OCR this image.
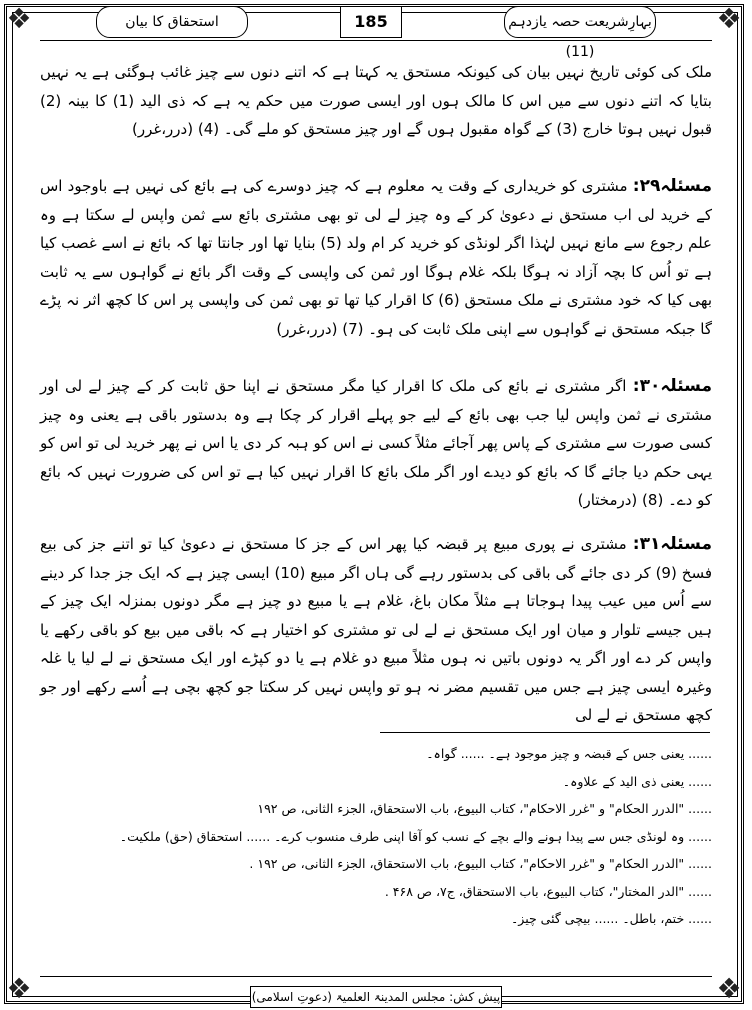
❖	❖
❖	❖
استحقاق کا بیان	185	بہارِشریعت حصہ یازدہم (11)

ملک کی کوئی تاریخ نہیں بیان کی کیونکہ مستحق یہ کہتا ہے کہ اتنے دنوں سے چیز غائب ہوگئی ہے یہ نہیں بتایا کہ اتنے دنوں سے میں اس کا مالک ہوں اور ایسی صورت میں حکم یہ ہے کہ ذی الید (1) کا بینہ (2) قبول نہیں ہوتا خارج (3) کے گواہ مقبول ہوں گے اور چیز مستحق کو ملے گی۔ (4) (درر،غرر)

مسئلہ۲۹: مشتری کو خریداری کے وقت یہ معلوم ہے کہ چیز دوسرے کی ہے بائع کی نہیں ہے باوجود اس کے خرید لی اب مستحق نے دعویٰ کر کے وہ چیز لے لی تو بھی مشتری بائع سے ثمن واپس لے سکتا ہے وہ علم رجوع سے مانع نہیں لہٰذا اگر لونڈی کو خرید کر ام ولد (5) بنایا تھا اور جانتا تھا کہ بائع نے اسے غصب کیا ہے تو اُس کا بچہ آزاد نہ ہوگا بلکہ غلام ہوگا اور ثمن کی واپسی کے وقت اگر بائع نے گواہوں سے یہ ثابت بھی کیا کہ خود مشتری نے ملک مستحق (6) کا اقرار کیا تھا تو بھی ثمن کی واپسی پر اس کا کچھ اثر نہ پڑے گا جبکہ مستحق نے گواہوں سے اپنی ملک ثابت کی ہو۔ (7) (درر،غرر)

مسئلہ۳۰: اگر مشتری نے بائع کی ملک کا اقرار کیا مگر مستحق نے اپنا حق ثابت کر کے چیز لے لی اور مشتری نے ثمن واپس لیا جب بھی بائع کے لیے جو پہلے اقرار کر چکا ہے وہ بدستور باقی ہے یعنی وہ چیز کسی صورت سے مشتری کے پاس پھر آجائے مثلاً کسی نے اس کو ہبہ کر دی یا اس نے پھر خرید لی تو اس کو یہی حکم دیا جائے گا کہ بائع کو دیدے اور اگر ملک بائع کا اقرار نہیں کیا ہے تو اس کی ضرورت نہیں کہ بائع کو دے۔ (8) (درمختار)

مسئلہ۳۱: مشتری نے پوری مبیع پر قبضہ کیا پھر اس کے جز کا مستحق نے دعویٰ کیا تو اتنے جز کی بیع فسخ (9) کر دی جائے گی باقی کی بدستور رہے گی ہاں اگر مبیع (10) ایسی چیز ہے کہ ایک جز جدا کر دینے سے اُس میں عیب پیدا ہوجاتا ہے مثلاً مکان باغ، غلام ہے یا مبیع دو چیز ہے مگر دونوں بمنزلہ ایک چیز کے ہیں جیسے تلوار و میان اور ایک مستحق نے لے لی تو مشتری کو اختیار ہے کہ باقی میں بیع کو باقی رکھے یا واپس کر دے اور اگر یہ دونوں باتیں نہ ہوں مثلاً مبیع دو غلام ہے یا دو کپڑے اور ایک مستحق نے لے لیا یا غلہ وغیرہ ایسی چیز ہے جس میں تقسیم مضر نہ ہو تو واپس نہیں کر سکتا جو کچھ بچی ہے اُسے رکھے اور جو کچھ مستحق نے لے لی

...... یعنی جس کے قبضہ و چیز موجود ہے۔ ...... گواہ۔
...... یعنی ذی الید کے علاوہ۔
...... "الدرر الحکام" و "غرر الاحکام"، کتاب البیوع، باب الاستحقاق، الجزء الثانی، ص ۱۹۲
...... وہ لونڈی جس سے پیدا ہونے والے بچے کے نسب کو آقا اپنی طرف منسوب کرے۔ ...... استحقاق (حق) ملکیت۔
...... "الدرر الحکام" و "غرر الاحکام"، کتاب البیوع، باب الاستحقاق، الجزء الثانی، ص ۱۹۲ .
...... "الدر المختار"، کتاب البیوع، باب الاستحقاق، ج۷، ص ۴۶۸ .
...... ختم، باطل۔ ...... بیچی گئی چیز۔
پیش کش: مجلس المدینۃ العلمیۃ (دعوتِ اسلامی)
